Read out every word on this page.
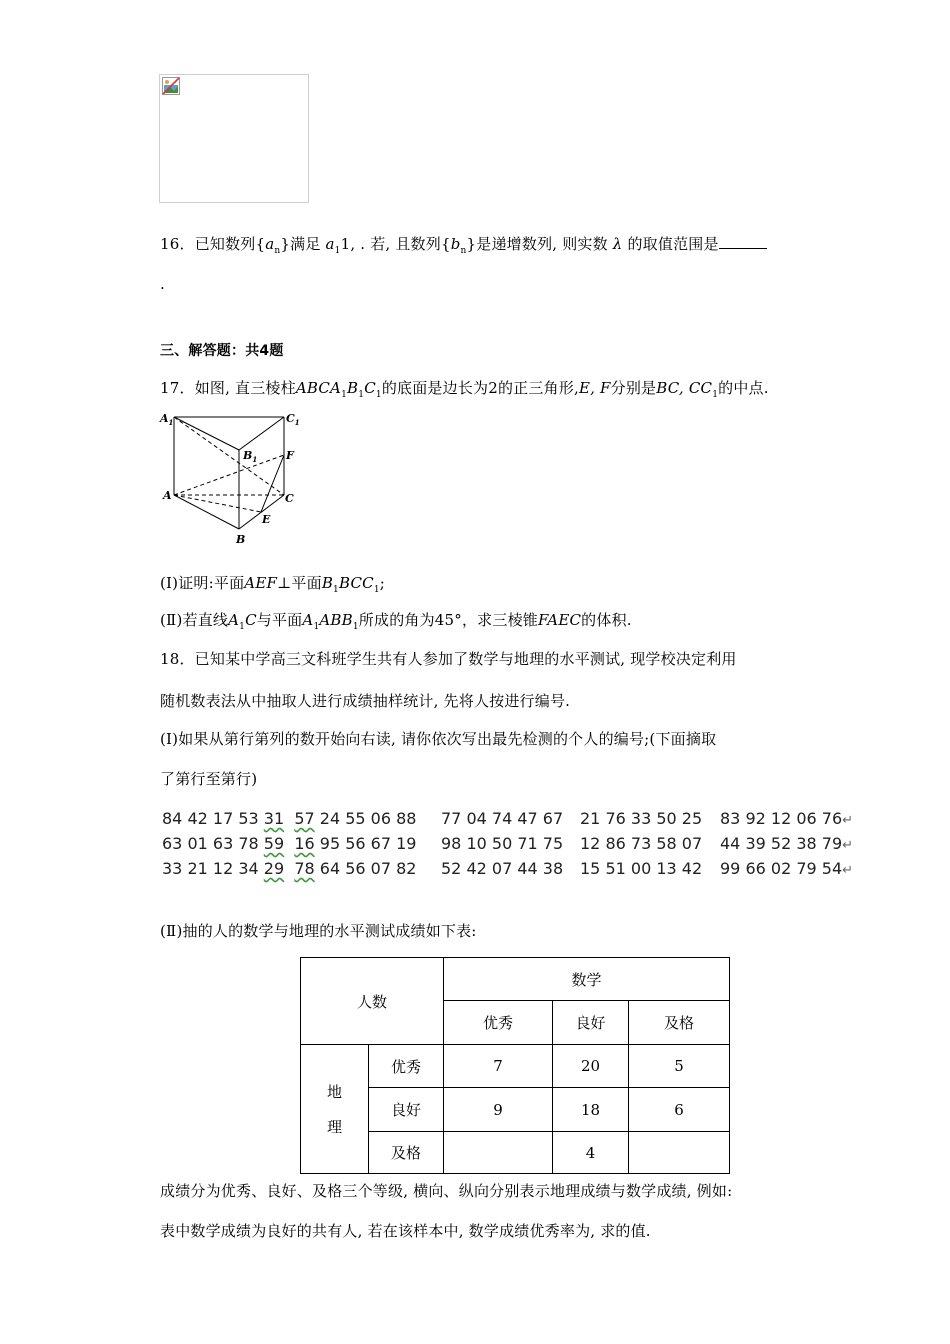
16．已知数列$\{a_n\}$满足 $a_11$, . 若, 且数列$\{b_n\}$是递增数列, 则实数 λ 的取值范围是
.
三、解答题：共4题
17．如图, 直三棱柱$ABCA_1B_1C_1$的底面是边长为2的正三角形,E, F分别是BC, $CC_1$的中点.
$A_1$	$C_1$
$B_1$	F
A	C
E
B
(Ⅰ)证明:平面AEF⊥平面$B_1BCC_1$;
(Ⅱ)若直线$A_1C$与平面$A_1ABB_1$所成的角为45°，求三棱锥FAEC的体积.
18．已知某中学高三文科班学生共有人参加了数学与地理的水平测试, 现学校决定利用
随机数表法从中抽取人进行成绩抽样统计, 先将人按进行编号.
(Ⅰ)如果从第行第列的数开始向右读, 请你依次写出最先检测的个人的编号;(下面摘取
了第行至第行)
84 42 17 53 31 57 24 55 06 88 77 04 74 47 67 21 76 33 50 25 83 92 12 06 76↵
63 01 63 78 59 16 95 56 67 19 98 10 50 71 75 12 86 73 58 07 44 39 52 38 79↵
33 21 12 34 29 78 64 56 07 82 52 42 07 44 38 15 51 00 13 42 99 66 02 79 54↵
(Ⅱ)抽的人的数学与地理的水平测试成绩如下表:
人数		数学		
		优秀	良好	及格

地
理	优秀	7	20	5
	良好	9	18	6
	及格		4	
成绩分为优秀、良好、及格三个等级, 横向、纵向分别表示地理成绩与数学成绩, 例如:
表中数学成绩为良好的共有人, 若在该样本中, 数学成绩优秀率为, 求的值.
